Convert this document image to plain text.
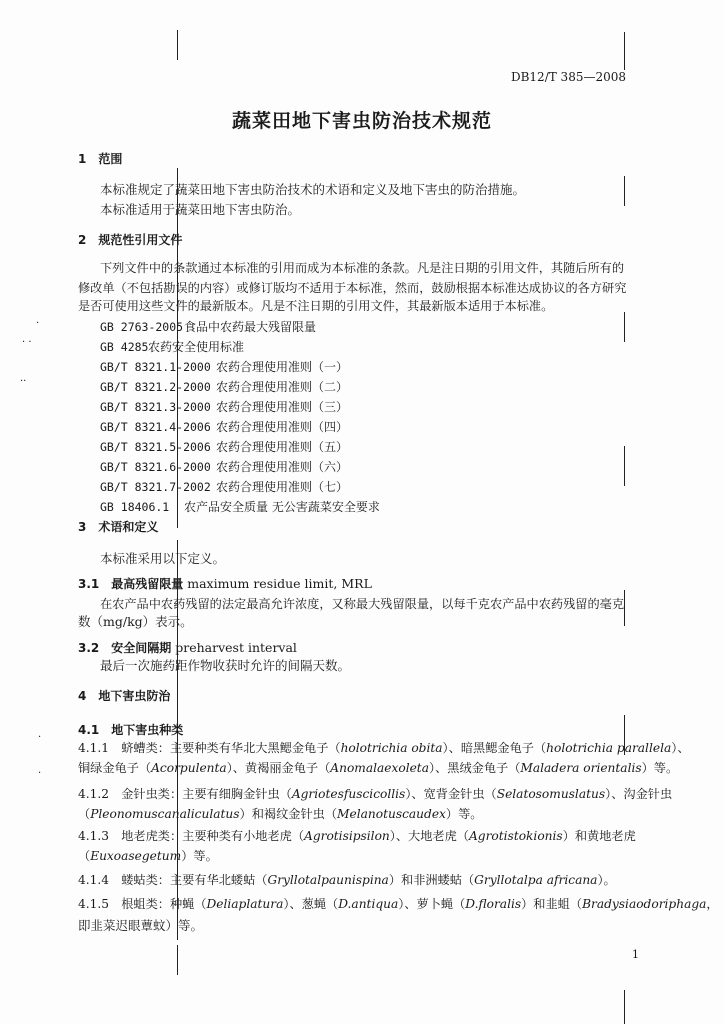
·
· ·
··
·
·
DB12/T 385—2008
蔬菜田地下害虫防治技术规范
1　范围
本标准规定了蔬菜田地下害虫防治技术的术语和定义及地下害虫的防治措施。
本标准适用于蔬菜田地下害虫防治。
2　规范性引用文件
下列文件中的条款通过本标准的引用而成为本标准的条款。凡是注日期的引用文件，其随后所有的
修改单（不包括勘误的内容）或修订版均不适用于本标准，然而，鼓励根据本标准达成协议的各方研究
是否可使用这些文件的最新版本。凡是不注日期的引用文件，其最新版本适用于本标准。
GB 2763-2005食品中农药最大残留限量
GB 4285农药安全使用标准
GB/T 8321.1-2000 农药合理使用准则（一）
GB/T 8321.2-2000 农药合理使用准则（二）
GB/T 8321.3-2000 农药合理使用准则（三）
GB/T 8321.4-2006 农药合理使用准则（四）
GB/T 8321.5-2006 农药合理使用准则（五）
GB/T 8321.6-2000 农药合理使用准则（六）
GB/T 8321.7-2002 农药合理使用准则（七）
GB 18406.1 农产品安全质量 无公害蔬菜安全要求
3　术语和定义
本标准采用以下定义。
3.1　最高残留限量 maximum residue limit, MRL
在农产品中农药残留的法定最高允许浓度，又称最大残留限量，以每千克农产品中农药残留的毫克
数（mg/kg）表示。
3.2　安全间隔期 preharvest interval
最后一次施药距作物收获时允许的间隔天数。
4　地下害虫防治
4.1　地下害虫种类
4.1.1　 蛴螬类：主要种类有华北大黑鳃金龟子（holotrichia obita）、暗黑鳃金龟子（holotrichia parallela）、
铜绿金龟子（Acorpulenta）、黄褐丽金龟子（Anomalaexoleta）、黑绒金龟子（Maladera orientalis）等。
4.1.2　 金针虫类：主要有细胸金针虫（Agriotesfuscicollis）、宽背金针虫（Selatosomuslatus）、沟金针虫
（Pleonomuscanaliculatus）和褐纹金针虫（Melanotuscaudex）等。
4.1.3　 地老虎类：主要种类有小地老虎（Agrotisipsilon）、大地老虎（Agrotistokionis）和黄地老虎
（Euxoasegetum）等。
4.1.4　 蝼蛄类：主要有华北蝼蛄（Gryllotalpaunispina）和非洲蝼蛄（Gryllotalpa africana）。
4.1.5　 根蛆类：种蝇（Deliaplatura）、葱蝇（D.antiqua）、萝卜蝇（D.floralis）和韭蛆（Bradysiaodoriphaga，
即韭菜迟眼蕈蚊）等。
1
